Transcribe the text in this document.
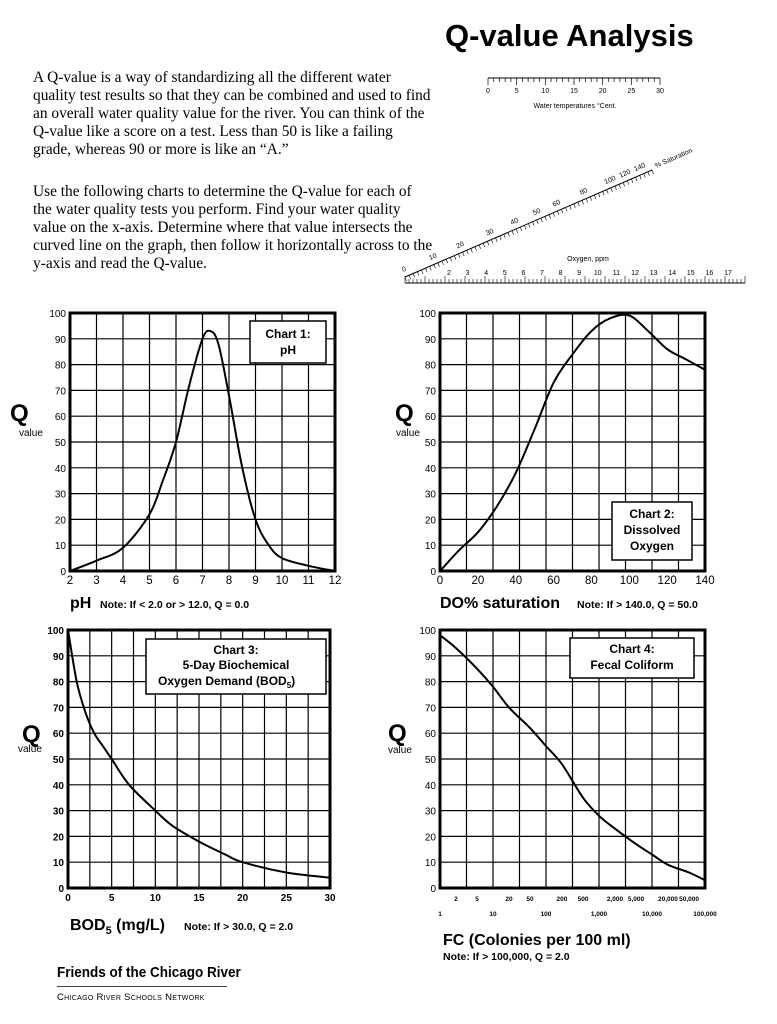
Q-value Analysis

A Q-value is a way of standardizing all the different water quality test results so that they can be combined and used to find an overall water quality value for the river. You can think of the Q-value like a score on a test. Less than 50 is like a failing grade, whereas 90 or more is like an “A.”

Use the following charts to determine the Q-value for each of the water quality tests you perform. Find your water quality value on the x-axis. Determine where that value intersects the curved line on the graph, then follow it horizontally across to the y-axis and read the Q-value.

0	5	10	15	20	25	30
Water temperatures °Cent.
0
10
20
30
40
50
60
80
100
120
140 % Saturation
2 3 4 5 6 7 8 9 10 11 12 13 14 15 16 17
Oxygen, ppm
0
10
20
30
40
50
60
70
80
90
100
2 3 4 5 6 7 8 9 10 11 12
Q
value
0
10
20
30
40
50
60
70
80
90
100
0 20 40 60 80 100 120 140
Q
value
0
10
20
30
40
50
60
70
80
90
100
0	5	10	15	20	25	30
Q
value
0
10
20
30
40
50
60
70
80
90
100
2	5	20 50	200 500	2,000 5,000 20,000 50,000
1	10	100	1,000	10,000	100,000
Q
value
Chart 1:
pH
Chart 2:
Dissolved
Oxygen
Chart 3:
5-Day Biochemical
Oxygen Demand $(BOD_5)$
Chart 4:
Fecal Coliform
pH Note: If < 2.0 or > 12.0, Q = 0.0	DO% saturation Note: If > 140.0, Q = 50.0
$BOD_5$ (mg/L) Note: If > 30.0, Q = 2.0
FC (Colonies per 100 ml)
Note: If > 100,000, Q = 2.0
Friends of the Chicago River
Chicago River Schools Network
